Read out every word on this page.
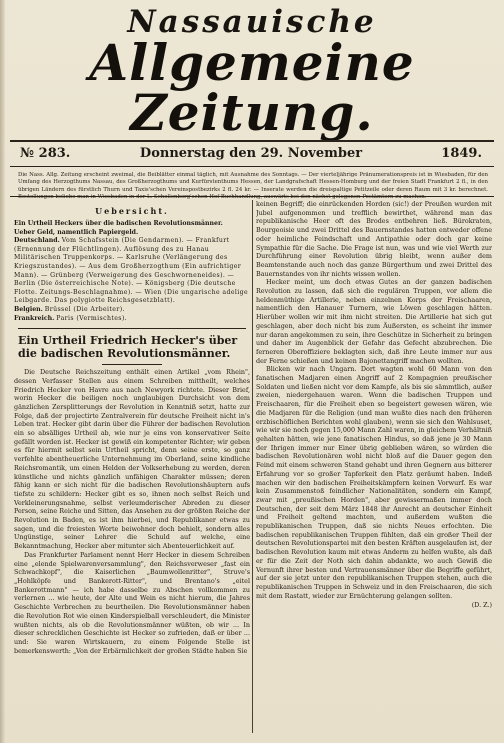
Nassauische
Allgemeine Zeitung.
№ 283.	Donnerstag den 29. November	1849.
Die Nass. Allg. Zeitung erscheint zweimal, die Beiblätter einmal täglich, mit Ausnahme des Sonntags. — Der vierteljährige Pränumerationspreis ist in Wiesbaden, für den Umfang des Herzogthums Nassau, des Großherzogthums und Kurfürstenthums Hessen, der Landgrafschaft Hessen-Homburg und der freien Stadt Frankfurt 2 fl., in den übrigen Ländern des fürstlich Thurn und Taxis'schen Vereinspostbezirks 2 fl. 24 kr. — Inserate werden die dreispaltige Petitzeile oder deren Raum mit 3 kr. berechnet. Bestellungen beliebe man in Wiesbaden in der L. Schellenberg'schen Hof-Buchhandlung, auswärts bei den nächst gelegenen Postämtern zu machen.
Uebersicht.
Ein Urtheil Heckers über die badischen Revolutionsmänner.
Ueber Geld, namentlich Papiergeld.
Deutschland. Vom Schafsstein (Die Gendarmen). — Frankfurt (Ernennung der Flüchtlingen). Auflösung des zu Hanau Militärischen Truppenkorps. — Karlsruhe (Verlängerung des Kriegszustandes). — Aus dem Großherzogthum (Ein aufrichtiger Mann). — Grünberg (Verweigerung des Geschworneneides). — Berlin (Die österreichische Note). — Königsberg (Die deutsche Flotte. Zeitungs-Beschlagnahme). — Wien (Die ungarische adelige Leibgarde. Das polygiotte Reichsgesetzblatt).
Belgien. Brüssel (Die Arbeiter).
Frankreich. Paris (Vermischtes).
Ein Urtheil Friedrich Hecker's über die badischen Revolutionsmänner.

Die Deutsche Reichszeitung enthält einen Artikel „vom Rhein", dessen Verfasser Stellen aus einem Schreiben mittheilt, welches Friedrich Hecker von Havre aus nach Newyork richtete. Dieser Brief, worin Hecker die beiligen noch unglaubigen Durchsicht von dem gänzlichen Zersplitterungs der Revolution in Kenntniß setzt, hatte zur Folge, daß der projectirte Zentralverein für deutsche Freiheit nicht in's Leben trat. Hecker gibt darin über die Führer der badischen Revolution ein so absälliges Urtheil ab, wie nur je eins von konservativer Seite gefällt worden ist. Hecker ist gewiß ein kompetenter Richter; wir geben es für hiermit selbst sein Urtheil spricht, denn seine erste, so ganz verfehlte abentheuerliche Unternehmung im Oberland, seine kindliche Reichsromantik, um einen Helden der Volkserhebung zu werden, deren künstliche und nichts gänzlich unfähigen Charakter müssen; deren fähig kann er sich nicht für die badischen Revolutionshäuptern aufs tiefste zu schildern: Hecker gibt es so, ihnen noch selbst Reich und Verkleinerungsnahme, selbst verleumderischer Abreden zu dieser Person, seine Reiche und Sitten, das Ansehen zu der größten Reiche der Revolution in Baden, es ist ihm hierbei, und Republikaner etwas zu sagen, und die freiesten Worte beiwohner doch behielt, sondern alles Ungünstige, seiner Lehrer die Schuld auf welche, eine Bekanntmachung, Hecker aber mitunter sich Abenteuerlichkeit auf.

Das Frankfurter Parlament nennt Herr Hecker in diesem Schreiben eine „elende Spielwarenversammlung", den Reichsverweser „fast ein Schwachkopf", die Kaiserlichen „Baumwollenritter", Struve's „Hohlköpfe und Bankerott-Ritter", und Brentano's „eitel Bankerottmann" — ich habe dasselbe zu Abschen vollkommen zu verlernen ... wie heute, der Alte und Wein es nicht hierum, die Jahres Geschichte Verbrechen zu beurtheilen. Die Revolutionsmänner haben die Revolution Rot wie einen Kinderspielball verschleudert, die Minister wußten nichts, als ob die Revolutionsmänner wüßten, ob wir ... In dieser schrecklichen Geschichte ist Hecker so zufrieden, daß er über ... und: Sie waren Wirtskauern, zu einem Folgende Stelle ist bemerkenswerth: „Von der Erbärmlichkeit der großen Städte haben Sie

keinen Begriff; die einrückenden Horden (sic!) der Preußen wurden mit Jubel aufgenommen und trefflich bewirthet, während man das republikanische Heer oft des Brodes entbehren ließ. Bürokraten, Bourgeoisie und zwei Drittel des Bauernstandes hatten entweder offene oder heimliche Feindschaft und Antipathie oder doch gar keine Sympathie für die Sache. Die Frage ist nun, was und wie viel Werth zur Durchführung einer Revolution übrig bleibt, wenn außer dem Beamtenstande auch noch das ganze Bürgerthum und zwei Drittel des Bauernstandes von ihr nichts wissen wollen.

Hecker meint, um doch etwas Gutes an der ganzen badischen Revolution zu lassen, daß sich die regulären Truppen, vor allem die heldenmüthige Artillerie, neben einzelnen Korps der Freischaaren, namentlich den Hanauer Turnern, wie Löwen geschlagen hätten. Hierüber wollen wir mit ihm nicht streiten. Die Artillerie hat sich gut geschlagen, aber doch nicht bis zum Äußersten, es scheint ihr immer nur daran angekommen zu sein, ihre Geschütze in Sicherheit zu bringen und daher im Augenblick der Gefahr das Gefecht abzubrechen. Die ferneren Oberoffiziere beklagten sich, daß ihre Leute immer nur aus der Ferne schießen und keinen Bajonettangriff machen wollten.

Blicken wir nach Ungarn. Dort wagten wohl 60 Mann von den fanatischen Madjaren einen Angriff auf 2 Kompagnien preußischer Soldaten und ließen nicht vor dem Kampfe, als bis sie sämmtlich, außer zweien, niedergehauen waren. Wenn die badischen Truppen und Freischaaren, für die Freiheit eben so begeistert gewesen wären, wie die Madjaren für die Religion (und man wußte dies nach den früheren erzbischöflichen Berichten wohl glauben), wenn sie sich den Wahlsuset, wie wir sie noch gegen 15,000 Mann Zahl waren, in gleichem Verhältniß gehalten hätten, wie jene fanatischen Hindus, so daß jene je 30 Mann der Ihrigen immer nur Einer übrig geblieben wären, so würden die badischen Revolutionären wohl nicht bloß auf die Dauer gegen den Feind mit einem schweren Stand gehabt und ihren Gegnern aus bitterer Erfahrung vor so großer Tapferkeit den Platz geräumt haben. Indeß machen wir den badischen Freiheitskämpfern keinen Vorwurf. Es war kein Zusammenstoß feindlicher Nationalitäten, sondern ein Kampf, zwar mit „preußischen Horden", aber gewissermaßen immer doch Deutschen, der seit dem März 1848 ihr Anrecht an deutscher Einheit und Freiheit geltend machten, und außerdem wußten die republikanischen Truppen, daß sie nichts Neues erfochten. Die badischen republikanischen Truppen fühlten, daß ein großer Theil der deutschen Revolutionspartei mit den besten Kräften ausgelaufen ist, der badischen Revolution kaum mit etwas Anderm zu helfen wußte, als daß er für die Zeit der Noth sich dahin abdankte, wo auch Gewiß die Vernunft ihrer besten und Vertrauensmänner über die Begriffe geführt, auf der sie jetzt unter den republikanischen Truppen stehen, auch die republikanischen Truppen in Schweiz und in den Freischaaren, die sich mit dem Rastatt, wieder zur Ernüchterung gelangen sollten.

(D. Z.)
